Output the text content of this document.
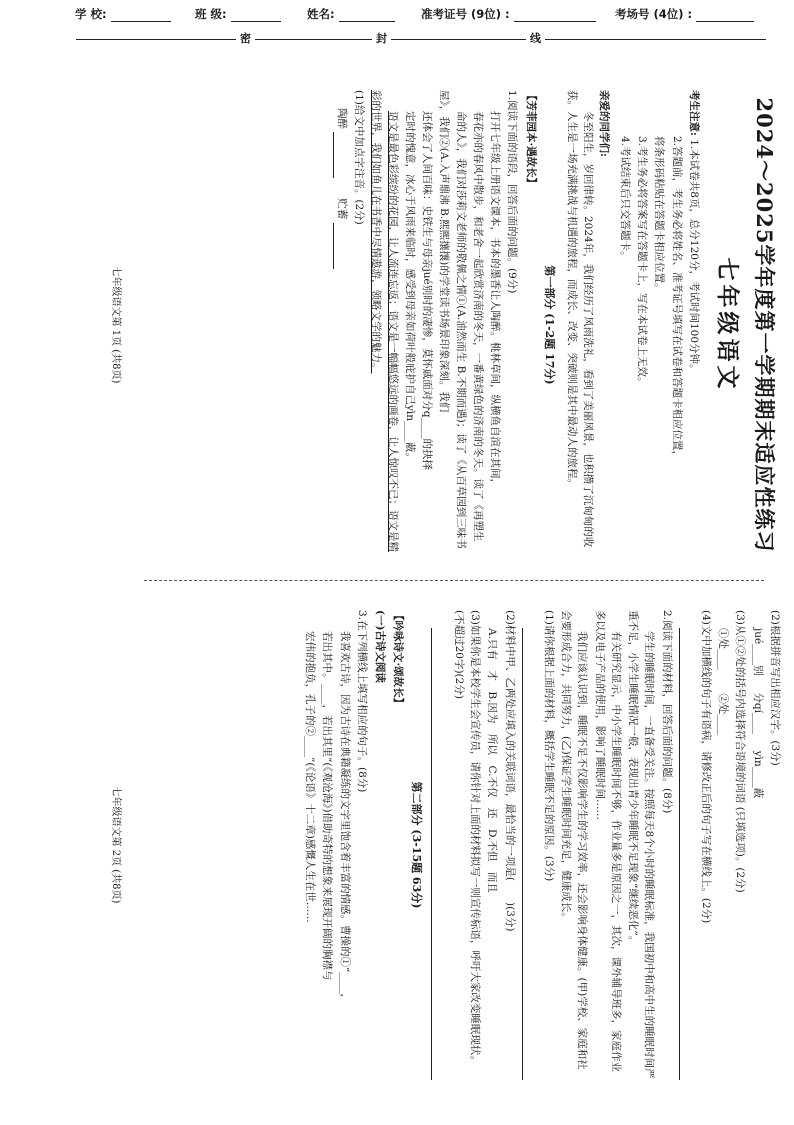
学 校:	班 级:	姓名:	准考证号 (9位) :	考场号 (4位) :
密	封	线
2024～2025学年度第一学期期末适应性练习
七年级语文

考生注意: 1.本试卷共8页，总分120分，考试时间100分钟。

2.答题前，考生务必将姓名、准考证号填写在试卷和答题卡相应位置，

将条形码粘贴在答题卡相应位置。

3.考生务必将答案写在答题卡上，写在本试卷上无效。

4.考试结束后只交答题卡。

亲爱的同学们:

冬至阳生，岁回律转。2024年，我们经历了风雨洗礼，看到了美丽风景，也积攒了沉甸甸的收获。人生是一场充满挑战与机遇的旅程，而成长、改变、突破则是其中最动人的旅程。

第一部分 (1-2题 17分)
【芳菲园本·遇故长】
1.阅读下面的语段，回答后面的问题。(9分)

打开七年级上册语文课本，书本的墨香让人陶醉。桃林草间，纵横鱼自渲在其间，

春花亦的春风中散步，和老舍一起欣赏济南的冬天，一番黄绿色的济南的冬天。读了《再塑生

命的人》，我们对莎莉文老师的敬佩之情①(A.油然而生 B.不期而遇)；读了《从百草园到三味书屋》，我们②(A.入声鼎沸 B.熙熙攘攘)的学堂读书场景印象深刻。我们

还体会了人间百味：史铁生与母亲jué别时的凄惨，莫怀戚面对分q____的抉择

定时的愧意，冰心于风雨来临时，感受到母亲如荷叶般庇护自己yìn____蔽。

语文是最色彩缤纷的花园，让人流连忘返；语文是一幅幅悠远的画卷，让人惊叹不已；语文是精彩的世界，我们如鱼儿在书香中尽情遨游，领略文学的魅力。

(1)给文中加点字注音。(2分)
陶醉       贮蓄
七年级语文第 1页 (共8页)
(2)根据拼音写出相应汉字。(3分)
jué____别     分qí____     yìn____蔽
(3)从①②处的括号内选择符合语境的词语 (只填选项)。(2分)
①处____       ②处____
(4)文中加横线的句子有语病，请修改正后的句子写在横线上。(2分)
2.阅读下面的材料，回答后面的问题。(8分)

学生的睡眠时间，一直备受关注。按照每天8个小时的睡眠标准，我国初中和高中生的睡眠时间严重不足，小学生睡眠情况一般，表现出青少年睡眠不足现象“继续恶化”。

有关研究显示，中小学生睡眠时间不够，作业量多是原因之一，其次，课外辅导班多，家庭作业多以及电子产品的使用，影响了睡眠时间……

我们应该认识到，睡眠不足不仅影响学生的学习效率，还会影响身体健康。(甲)学校、家庭和社会要形成合力，共同努力，(乙)保证学生睡眠时间充足，健康成长。

(1)请你根据上面的材料，概括学生睡眠不足的原因。(3分)
(2)材料中甲、乙两处应填入的关联词语，最恰当的一项是(　　)(3分)
A.只有　才　B.因为　所以　C.不仅　还　D.不但　而且
(3)如果你是本校学生会宣传员，请你针对上面的材料拟写一则宣传标语，呼吁大家改变睡眠现状。(不超过20字)(2分)
第二部分 (3-15题 63分)
【吟咏诗文·颂故长】
(一)古诗文阅读
3.在下列横线上填写相应的句子。(8分)

我喜欢古诗，因为古诗在典籍凝练的文字里饱含着丰富的情感。曹操的①“____，

若出其中。____，若出其里”(《观沧海》)借助奇特的想象来展现开阔的胸襟与

宏伟的抱负，孔子的②____”(《论语》十二章)感慨人生在世……

七年级语文第 2页 (共8页)
